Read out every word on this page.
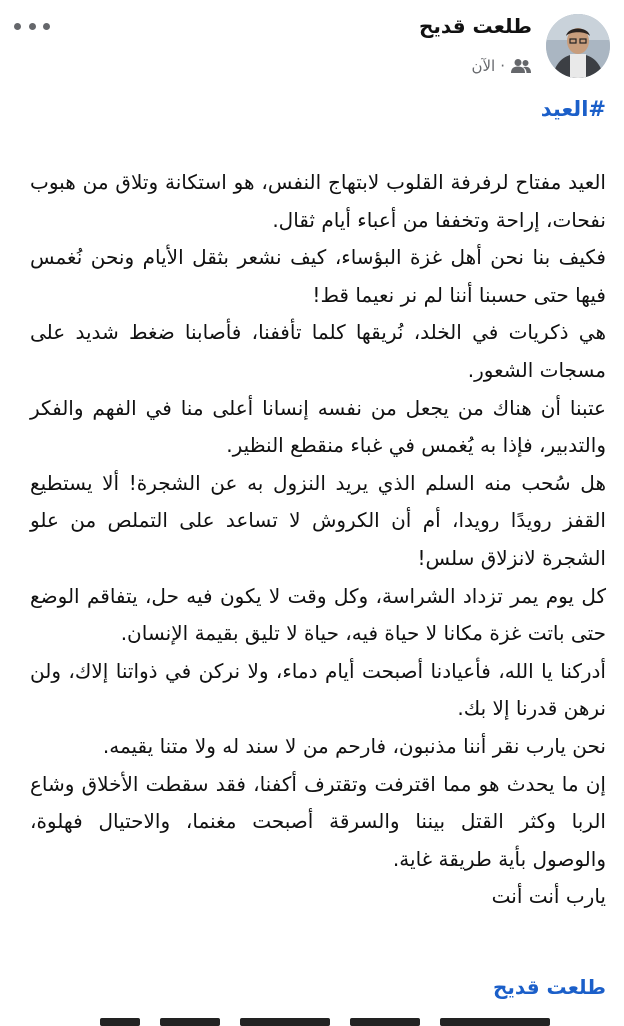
طلعت قديح
الآن ·
#العيد

العيد مفتاح لرفرفة القلوب لابتهاج النفس، هو استكانة وتلاق من هبوب نفحات، إراحة وتخففا من أعباء أيام ثقال.

فكيف بنا نحن أهل غزة البؤساء، كيف نشعر بثقل الأيام ونحن نُغمس فيها حتى حسبنا أننا لم نر نعيما قط!

هي ذكريات في الخلد، نُريقها كلما تأففنا، فأصابنا ضغط شديد على مسجات الشعور.

عتبنا أن هناك من يجعل من نفسه إنسانا أعلى منا في الفهم والفكر والتدبير، فإذا به يُغمس في غباء منقطع النظير.

هل سُحب منه السلم الذي يريد النزول به عن الشجرة! ألا يستطيع القفز رويدًا رويدا، أم أن الكروش لا تساعد على التملص من علو الشجرة لانزلاق سلس!

كل يوم يمر تزداد الشراسة، وكل وقت لا يكون فيه حل، يتفاقم الوضع حتى باتت غزة مكانا لا حياة فيه، حياة لا تليق بقيمة الإنسان.

أدركنا يا الله، فأعيادنا أصبحت أيام دماء، ولا نركن في ذواتنا إلاك، ولن نرهن قدرنا إلا بك.

نحن يارب نقر أننا مذنبون، فارحم من لا سند له ولا متنا يقيمه.

إن ما يحدث هو مما اقترفت وتقترف أكفنا، فقد سقطت الأخلاق وشاع الربا وكثر القتل بيننا والسرقة أصبحت مغنما، والاحتيال فهلوة، والوصول بأية طريقة غاية.

يارب أنت أنت

طلعت قديح
